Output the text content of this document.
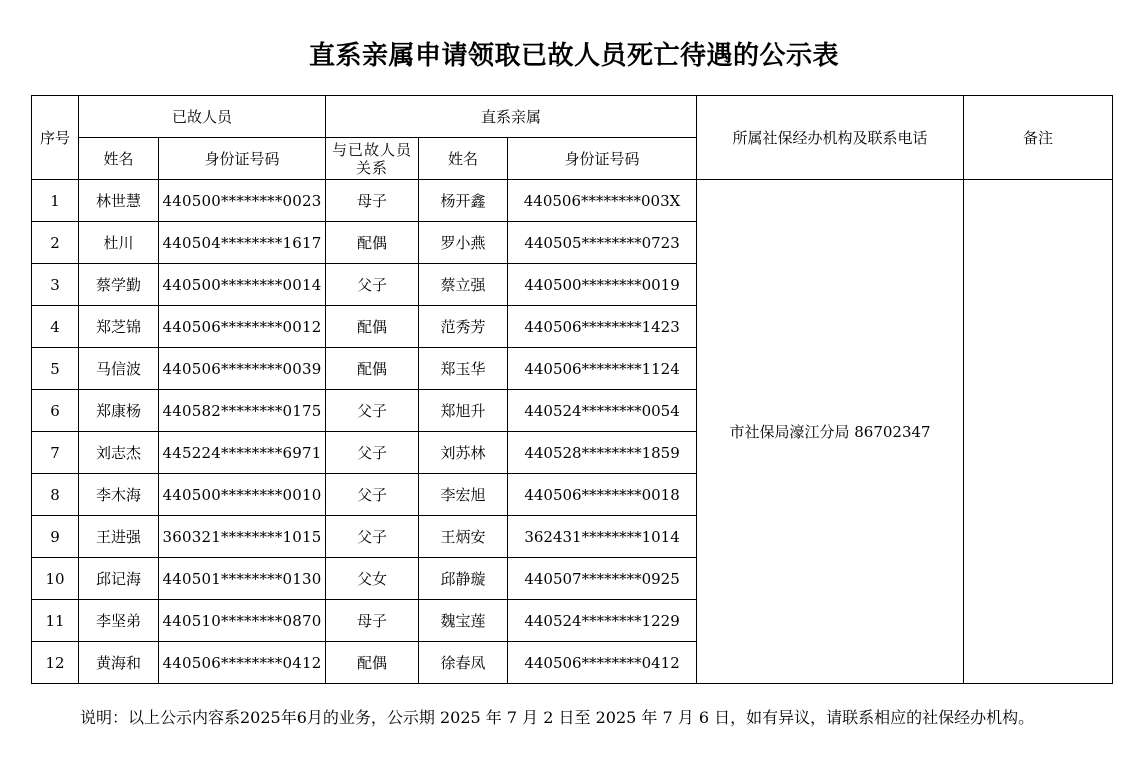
直系亲属申请领取已故人员死亡待遇的公示表
序号	已故人员		直系亲属			所属社保经办机构及联系电话	备注
	姓名	身份证号码	与已故人员关系	姓名	身份证号码		
1	林世慧	440500********0023	母子	杨开鑫	440506********003X	市社保局濠江分局 86702347	
2	杜川	440504********1617	配偶	罗小燕	440505********0723		
3	蔡学勤	440500********0014	父子	蔡立强	440500********0019		
4	郑芝锦	440506********0012	配偶	范秀芳	440506********1423		
5	马信波	440506********0039	配偶	郑玉华	440506********1124		
6	郑康杨	440582********0175	父子	郑旭升	440524********0054		
7	刘志杰	445224********6971	父子	刘苏林	440528********1859		
8	李木海	440500********0010	父子	李宏旭	440506********0018		
9	王进强	360321********1015	父子	王炳安	362431********1014		
10	邱记海	440501********0130	父女	邱静璇	440507********0925		
11	李坚弟	440510********0870	母子	魏宝莲	440524********1229		
12	黄海和	440506********0412	配偶	徐春凤	440506********0412		
说明：以上公示内容系2025年6月的业务，公示期 2025 年 7 月 2 日至 2025 年 7 月 6 日，如有异议，请联系相应的社保经办机构。
